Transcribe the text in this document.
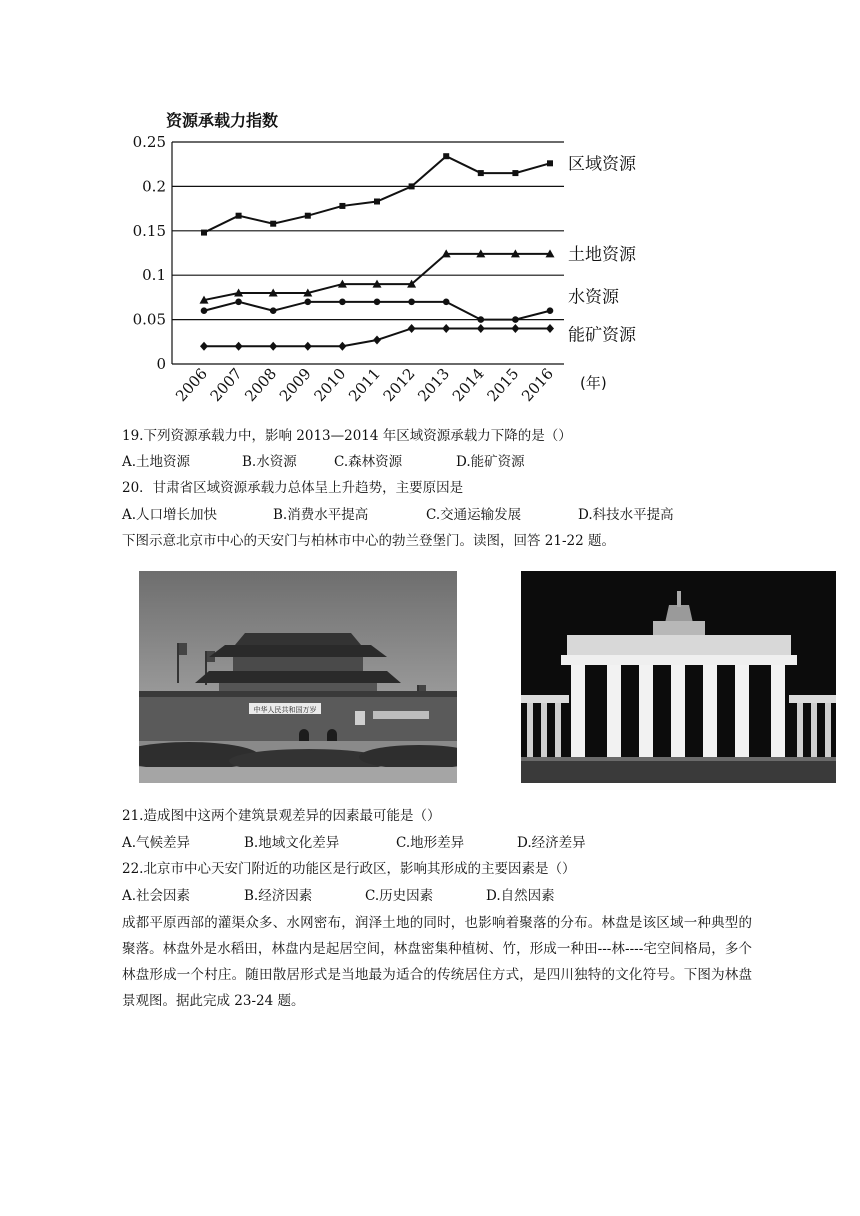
资源承载力指数
0
0.05
0.1
0.15
0.2
0.25
2006
2007
2008
2009
2010
2011
2012
2013
2014
2015
2016
区域资源
土地资源
水资源
能矿资源
(年)
19.下列资源承载力中，影响 2013—2014 年区域资源承载力下降的是（）
A.土地资源	B.水资源	C.森林资源	D.能矿资源
20．甘肃省区域资源承载力总体呈上升趋势，主要原因是
A.人口增长加快	B.消费水平提高	C.交通运输发展	D.科技水平提高
下图示意北京市中心的天安门与柏林市中心的勃兰登堡门。读图，回答 21-22 题。
中华人民共和国万岁
21.造成图中这两个建筑景观差异的因素最可能是（）
A.气候差异	B.地域文化差异	C.地形差异	D.经济差异
22.北京市中心天安门附近的功能区是行政区，影响其形成的主要因素是（）
A.社会因素	B.经济因素	C.历史因素	D.自然因素
成都平原西部的灌渠众多、水网密布，润泽土地的同时，也影响着聚落的分布。林盘是该区域一种典型的聚落。林盘外是水稻田，林盘内是起居空间，林盘密集种植树、竹，形成一种田---林----宅空间格局，多个林盘形成一个村庄。随田散居形式是当地最为适合的传统居住方式，是四川独特的文化符号。下图为林盘景观图。据此完成 23-24 题。
